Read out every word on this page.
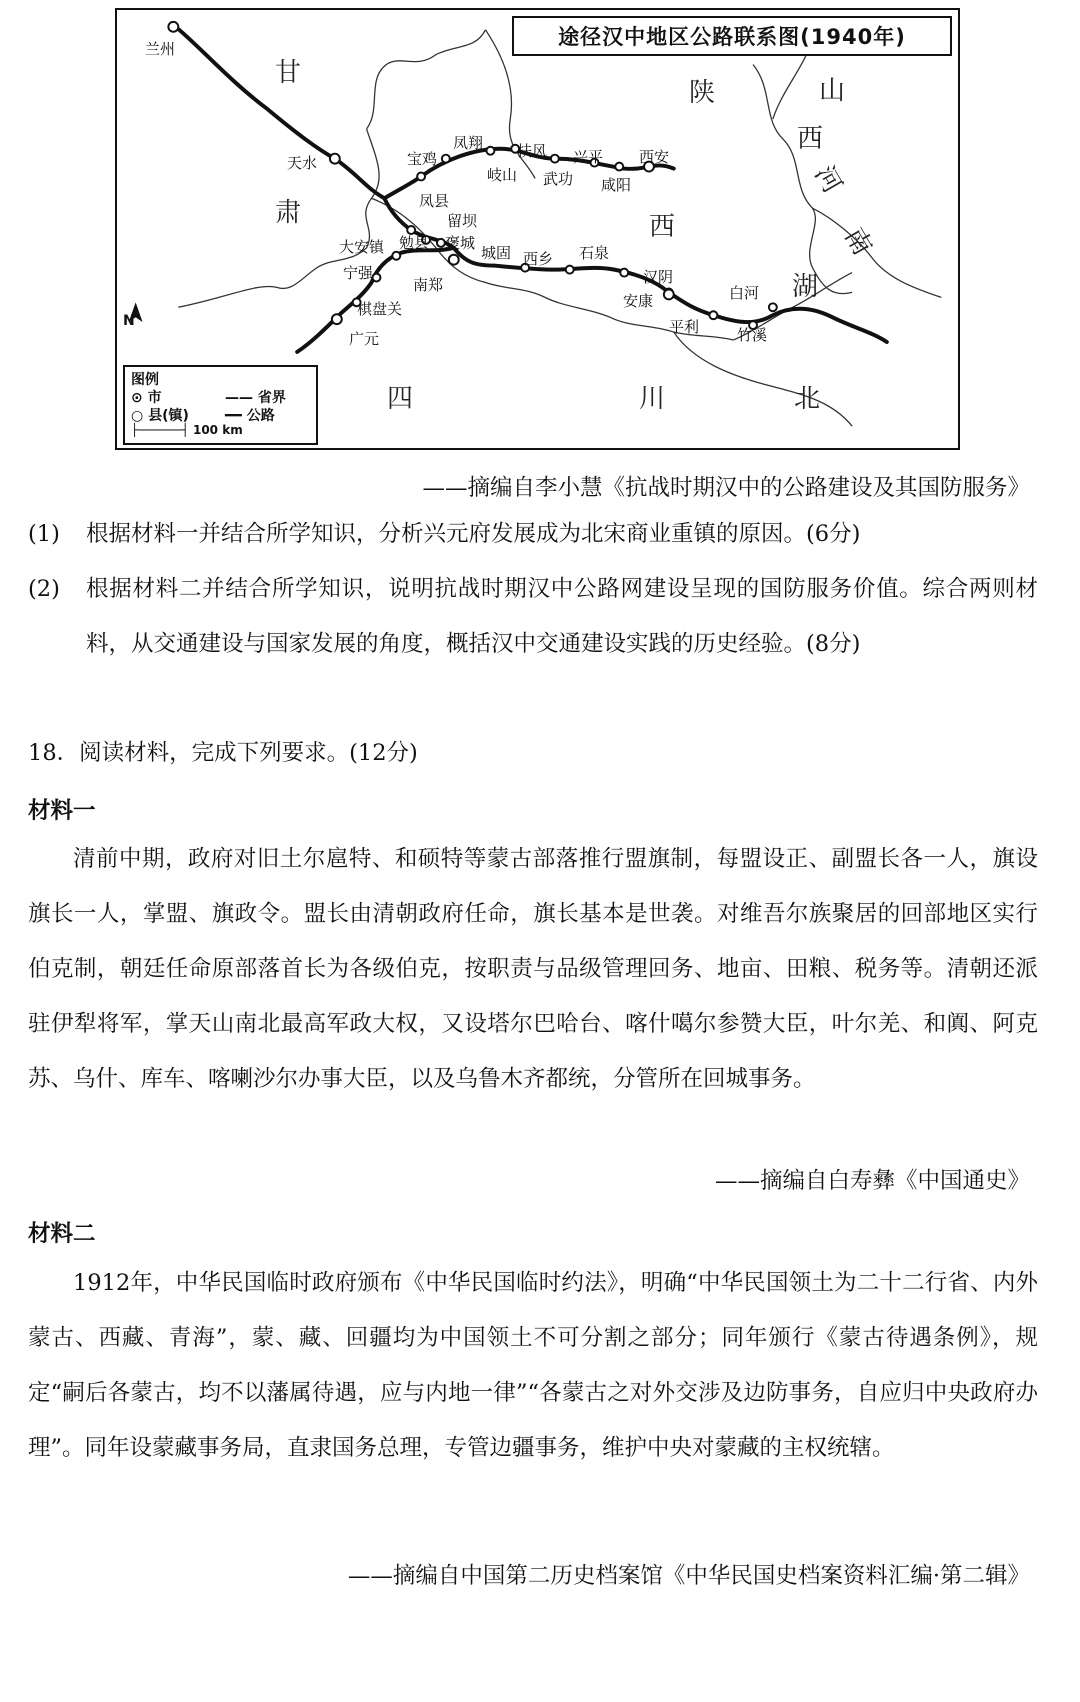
途径汉中地区公路联系图(1940年)
甘
肃
陕
西
山
西
河
南
湖
北
四	川
兰州
天水	宝鸡
凤翔
岐山
扶风
武功
兴平
咸阳
西安
凤县
留坝
褒城
勉县
大安镇
宁强
南郑
城固 西乡 石泉
汉阴
安康
平利
白河
竹溪
棋盘关
广元
N
图例
⊙ 市
○ 县(镇)
—— 省界
━━ 公路
├──────┤ 100 km
——摘编自李小慧《抗战时期汉中的公路建设及其国防服务》
(1) 根据材料一并结合所学知识，分析兴元府发展成为北宋商业重镇的原因。(6分)
(2)	根据材料二并结合所学知识，说明抗战时期汉中公路网建设呈现的国防服务价值。综合两则材料，从交通建设与国家发展的角度，概括汉中交通建设实践的历史经验。(8分)
18．阅读材料，完成下列要求。(12分)
材料一
清前中期，政府对旧土尔扈特、和硕特等蒙古部落推行盟旗制，每盟设正、副盟长各一人，旗设旗长一人，掌盟、旗政令。盟长由清朝政府任命，旗长基本是世袭。对维吾尔族聚居的回部地区实行伯克制，朝廷任命原部落首长为各级伯克，按职责与品级管理回务、地亩、田粮、税务等。清朝还派驻伊犁将军，掌天山南北最高军政大权，又设塔尔巴哈台、喀什噶尔参赞大臣，叶尔羌、和阗、阿克苏、乌什、库车、喀喇沙尔办事大臣，以及乌鲁木齐都统，分管所在回城事务。
——摘编自白寿彝《中国通史》
材料二
1912年，中华民国临时政府颁布《中华民国临时约法》，明确“中华民国领土为二十二行省、内外蒙古、西藏、青海”，蒙、藏、回疆均为中国领土不可分割之部分；同年颁行《蒙古待遇条例》，规定“嗣后各蒙古，均不以藩属待遇，应与内地一律”“各蒙古之对外交涉及边防事务，自应归中央政府办理”。同年设蒙藏事务局，直隶国务总理，专管边疆事务，维护中央对蒙藏的主权统辖。
——摘编自中国第二历史档案馆《中华民国史档案资料汇编·第二辑》
